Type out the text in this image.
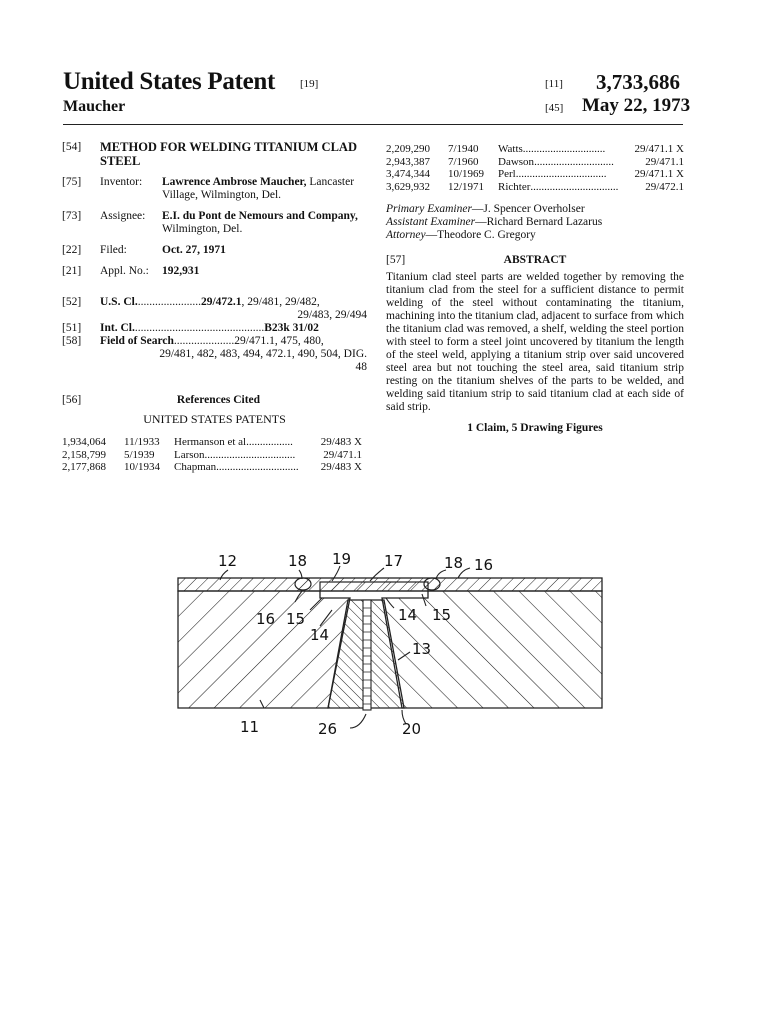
United States Patent [19]
Maucher
[11] 3,733,686
[45] May 22, 1973
[54]	METHOD FOR WELDING TITANIUM CLAD STEEL
[75]	Inventor:	Lawrence Ambrose Maucher, Lancaster Village, Wilmington, Del.
[73]	Assignee:	E.I. du Pont de Nemours and Company, Wilmington, Del.
[22]	Filed:	Oct. 27, 1971
[21]	Appl. No.:	192,931
[52]	U.S. Cl.......................29/472.1, 29/481, 29/482,
29/483, 29/494
[51]	Int. Cl..............................................B23k 31/02
[58]	Field of Search.....................29/471.1, 475, 480,
29/481, 482, 483, 494, 472.1, 490, 504, DIG.
48
[56]	References Cited
UNITED STATES PATENTS
1,934,064	11/1933	Hermanson et al ................. 29/483 X

2,158,799	5/1939	Larson ................................. 29/471.1

2,177,868	10/1934	Chapman .............................. 29/483 X
2,209,290	7/1940	Watts .............................. 29/471.1 X

2,943,387	7/1960	Dawson ............................. 29/471.1

3,474,344	10/1969	Perl ................................. 29/471.1 X

3,629,932	12/1971	Richter ................................ 29/472.1
Primary Examiner—J. Spencer Overholser
Assistant Examiner—Richard Bernard Lazarus
Attorney—Theodore C. Gregory
[57]	ABSTRACT
Titanium clad steel parts are welded together by removing the titanium clad from the steel for a sufficient distance to permit welding of the steel without contaminating the titanium, machining into the titanium clad, adjacent to surface from which the titanium clad was removed, a shelf, welding the steel portion with steel to form a steel joint uncovered by titanium the length of the steel weld, applying a titanium strip over said uncovered steel area but not touching the steel area, said titanium strip resting on the titanium shelves of the parts to be welded, and welding said titanium strip to said titanium clad at each side of said strip.
1 Claim, 5 Drawing Figures
12	18 19 17	18 16
16 15
14
14 15
13
11	26	20
